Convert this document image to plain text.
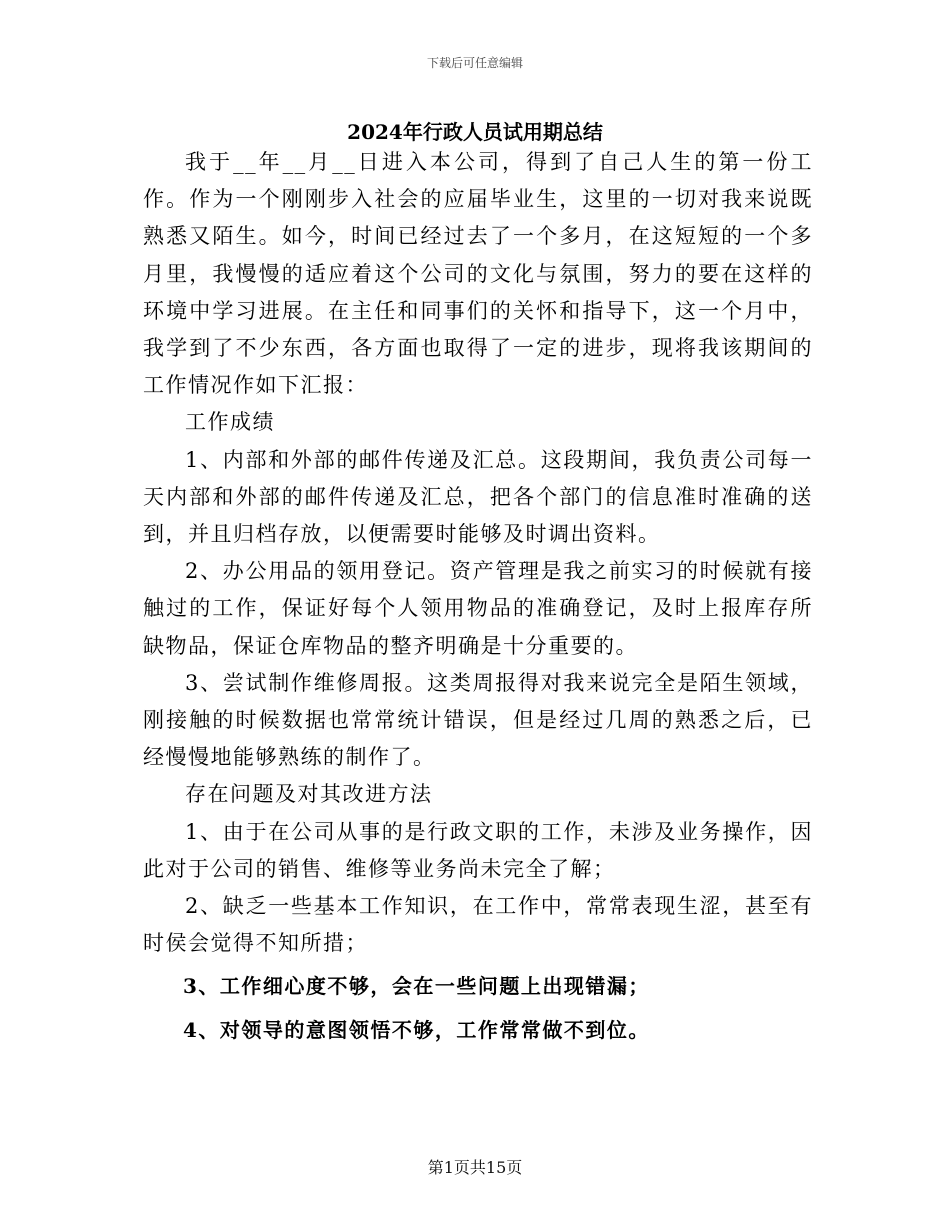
下载后可任意编辑
2024年行政人员试用期总结

我于__年__月__日进入本公司，得到了自己人生的第一份工作。作为一个刚刚步入社会的应届毕业生，这里的一切对我来说既熟悉又陌生。如今，时间已经过去了一个多月，在这短短的一个多月里，我慢慢的适应着这个公司的文化与氛围，努力的要在这样的环境中学习进展。在主任和同事们的关怀和指导下，这一个月中，我学到了不少东西，各方面也取得了一定的进步，现将我该期间的工作情况作如下汇报：

工作成绩

1、内部和外部的邮件传递及汇总。这段期间，我负责公司每一天内部和外部的邮件传递及汇总，把各个部门的信息准时准确的送到，并且归档存放，以便需要时能够及时调出资料。

2、办公用品的领用登记。资产管理是我之前实习的时候就有接触过的工作，保证好每个人领用物品的准确登记，及时上报库存所缺物品，保证仓库物品的整齐明确是十分重要的。

3、尝试制作维修周报。这类周报得对我来说完全是陌生领域，刚接触的时候数据也常常统计错误，但是经过几周的熟悉之后，已经慢慢地能够熟练的制作了。

存在问题及对其改进方法

1、由于在公司从事的是行政文职的工作，未涉及业务操作，因此对于公司的销售、维修等业务尚未完全了解；

2、缺乏一些基本工作知识，在工作中，常常表现生涩，甚至有时侯会觉得不知所措；

3、工作细心度不够，会在一些问题上出现错漏；

4、对领导的意图领悟不够，工作常常做不到位。

第1页共15页
